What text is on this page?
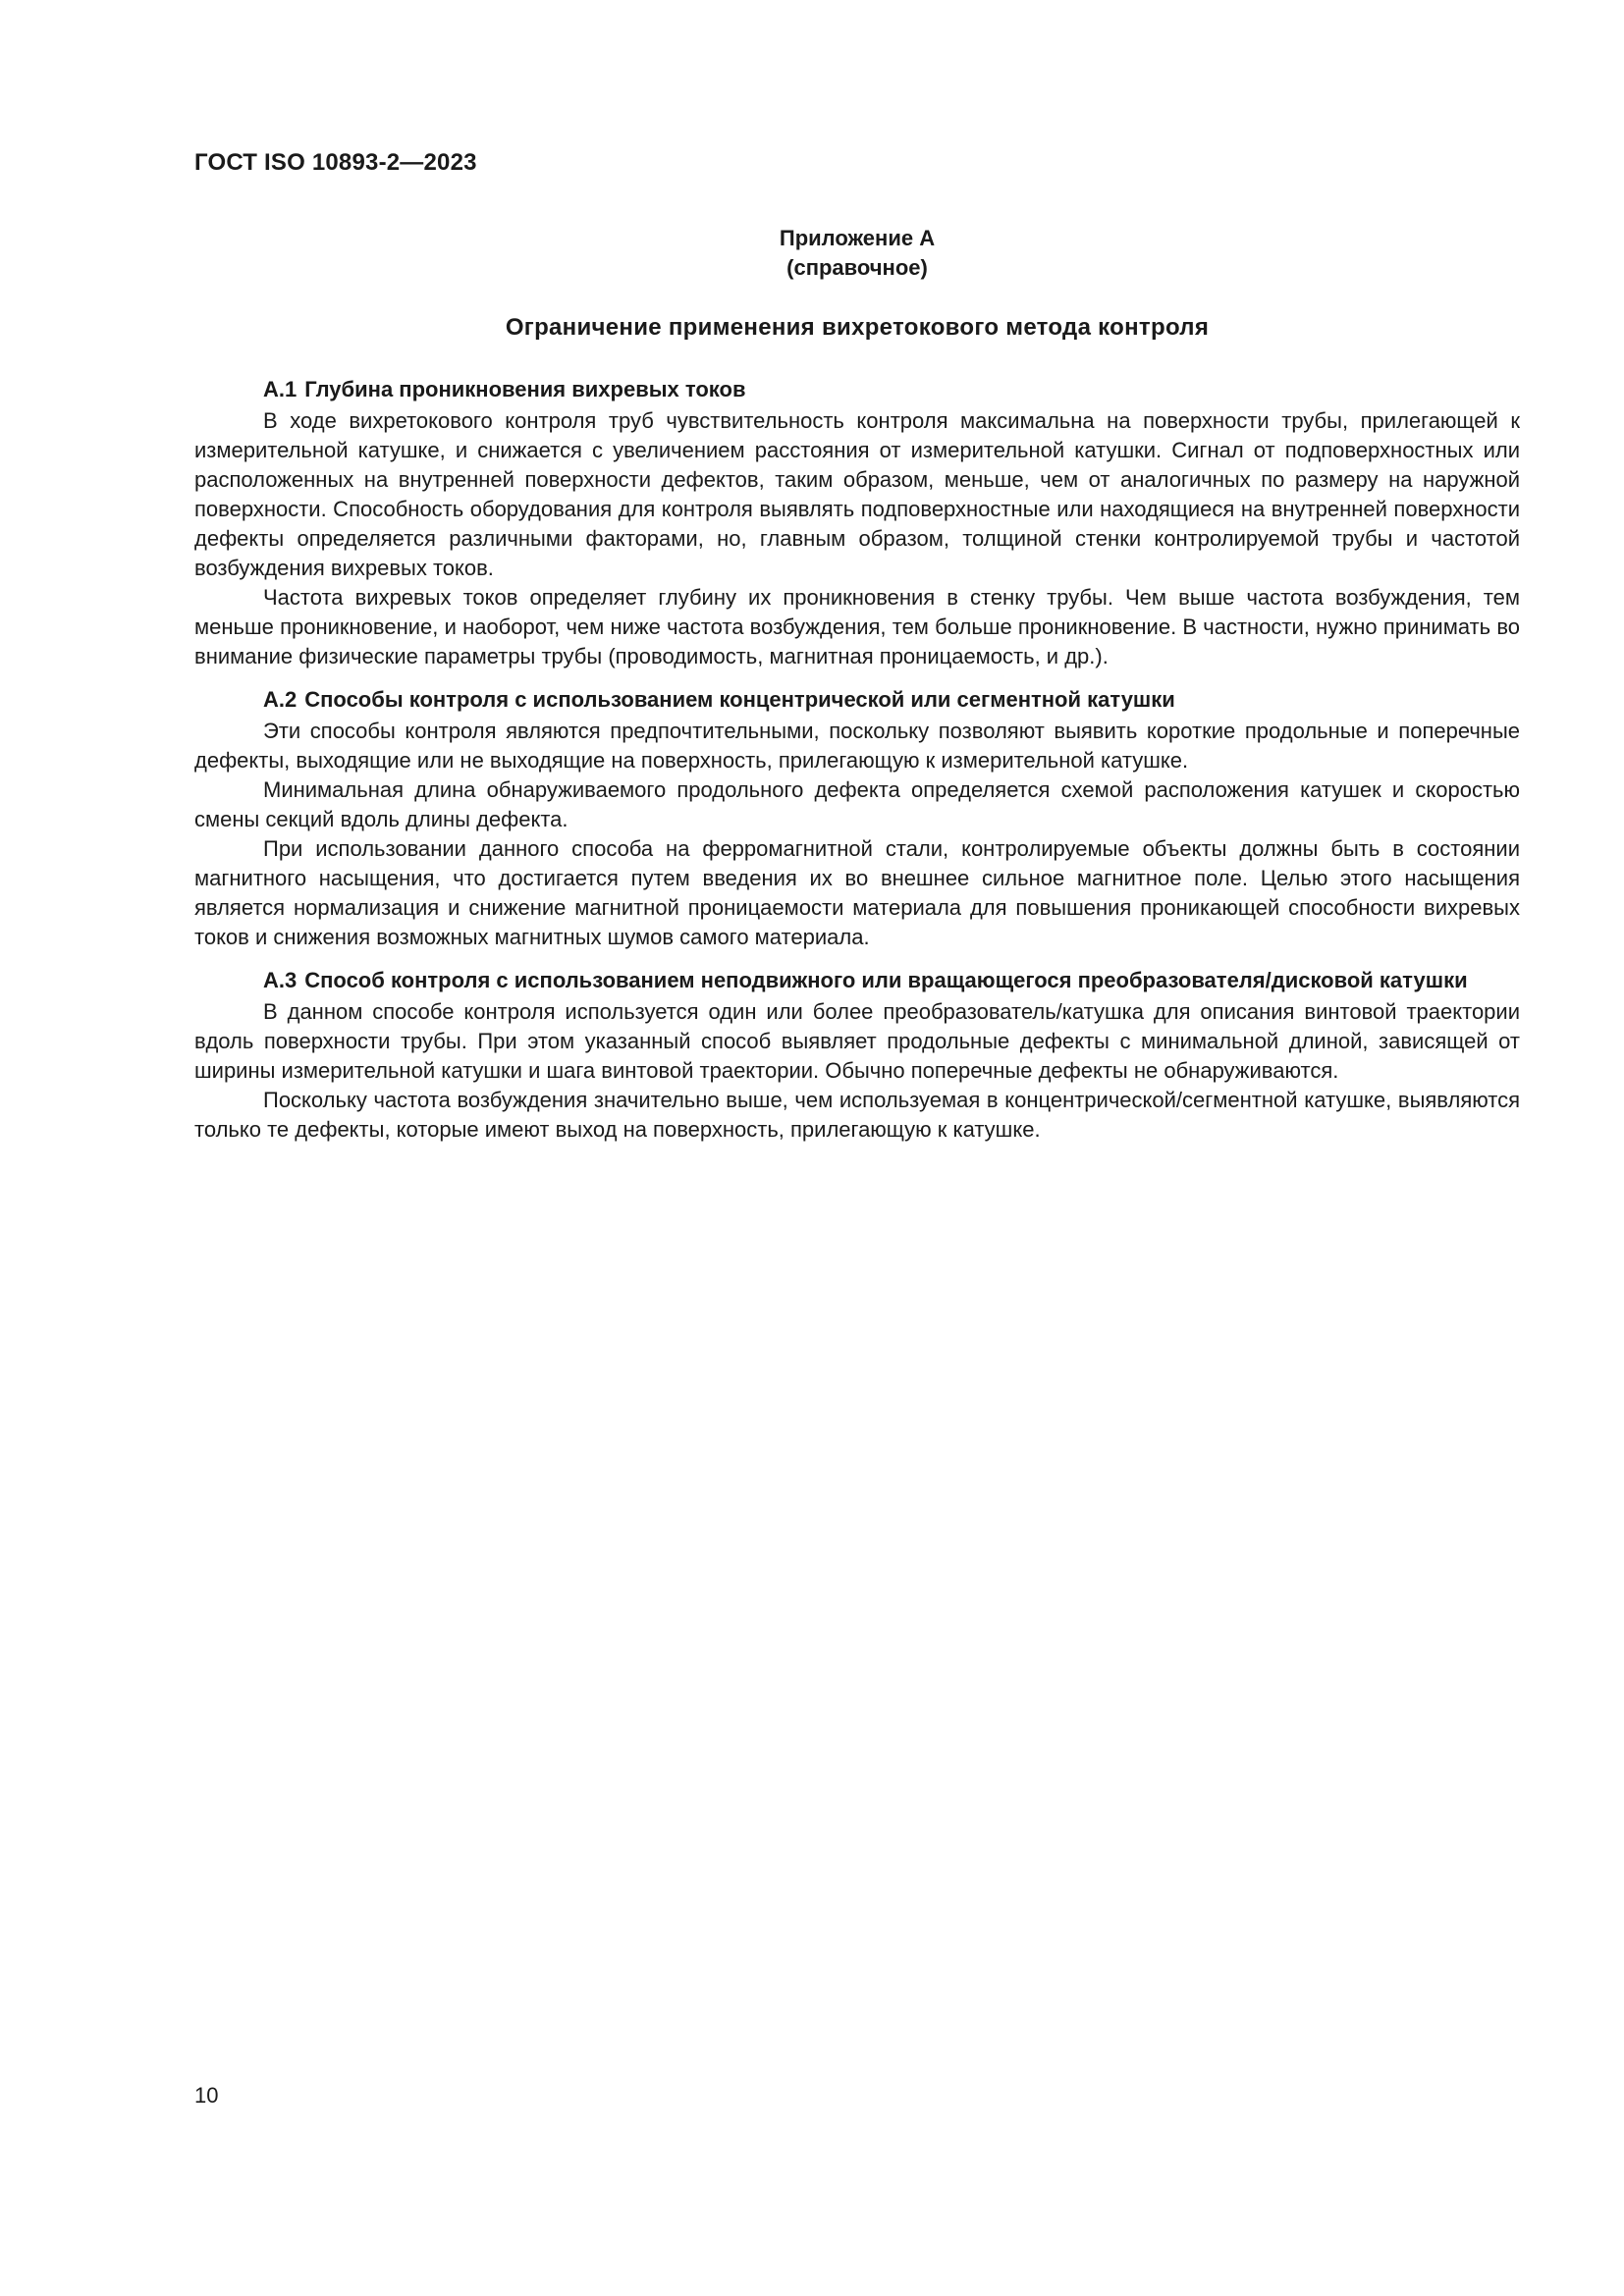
ГОСТ ISO 10893-2—2023
Приложение А
(справочное)
Ограничение применения вихретокового метода контроля
А.1 Глубина проникновения вихревых токов

В ходе вихретокового контроля труб чувствительность контроля максимальна на поверхности трубы, прилегающей к измерительной катушке, и снижается с увеличением расстояния от измерительной катушки. Сигнал от подповерхностных или расположенных на внутренней поверхности дефектов, таким образом, меньше, чем от аналогичных по размеру на наружной поверхности. Способность оборудования для контроля выявлять подповерхностные или находящиеся на внутренней поверхности дефекты определяется различными факторами, но, главным образом, толщиной стенки контролируемой трубы и частотой возбуждения вихревых токов.

Частота вихревых токов определяет глубину их проникновения в стенку трубы. Чем выше частота возбуждения, тем меньше проникновение, и наоборот, чем ниже частота возбуждения, тем больше проникновение. В частности, нужно принимать во внимание физические параметры трубы (проводимость, магнитная проницаемость, и др.).

А.2 Способы контроля с использованием концентрической или сегментной катушки

Эти способы контроля являются предпочтительными, поскольку позволяют выявить короткие продольные и поперечные дефекты, выходящие или не выходящие на поверхность, прилегающую к измерительной катушке.

Минимальная длина обнаруживаемого продольного дефекта определяется схемой расположения катушек и скоростью смены секций вдоль длины дефекта.

При использовании данного способа на ферромагнитной стали, контролируемые объекты должны быть в состоянии магнитного насыщения, что достигается путем введения их во внешнее сильное магнитное поле. Целью этого насыщения является нормализация и снижение магнитной проницаемости материала для повышения проникающей способности вихревых токов и снижения возможных магнитных шумов самого материала.

А.3 Способ контроля с использованием неподвижного или вращающегося преобразователя/дисковой катушки

В данном способе контроля используется один или более преобразователь/катушка для описания винтовой траектории вдоль поверхности трубы. При этом указанный способ выявляет продольные дефекты с минимальной длиной, зависящей от ширины измерительной катушки и шага винтовой траектории. Обычно поперечные дефекты не обнаруживаются.

Поскольку частота возбуждения значительно выше, чем используемая в концентрической/сегментной катушке, выявляются только те дефекты, которые имеют выход на поверхность, прилегающую к катушке.

10
